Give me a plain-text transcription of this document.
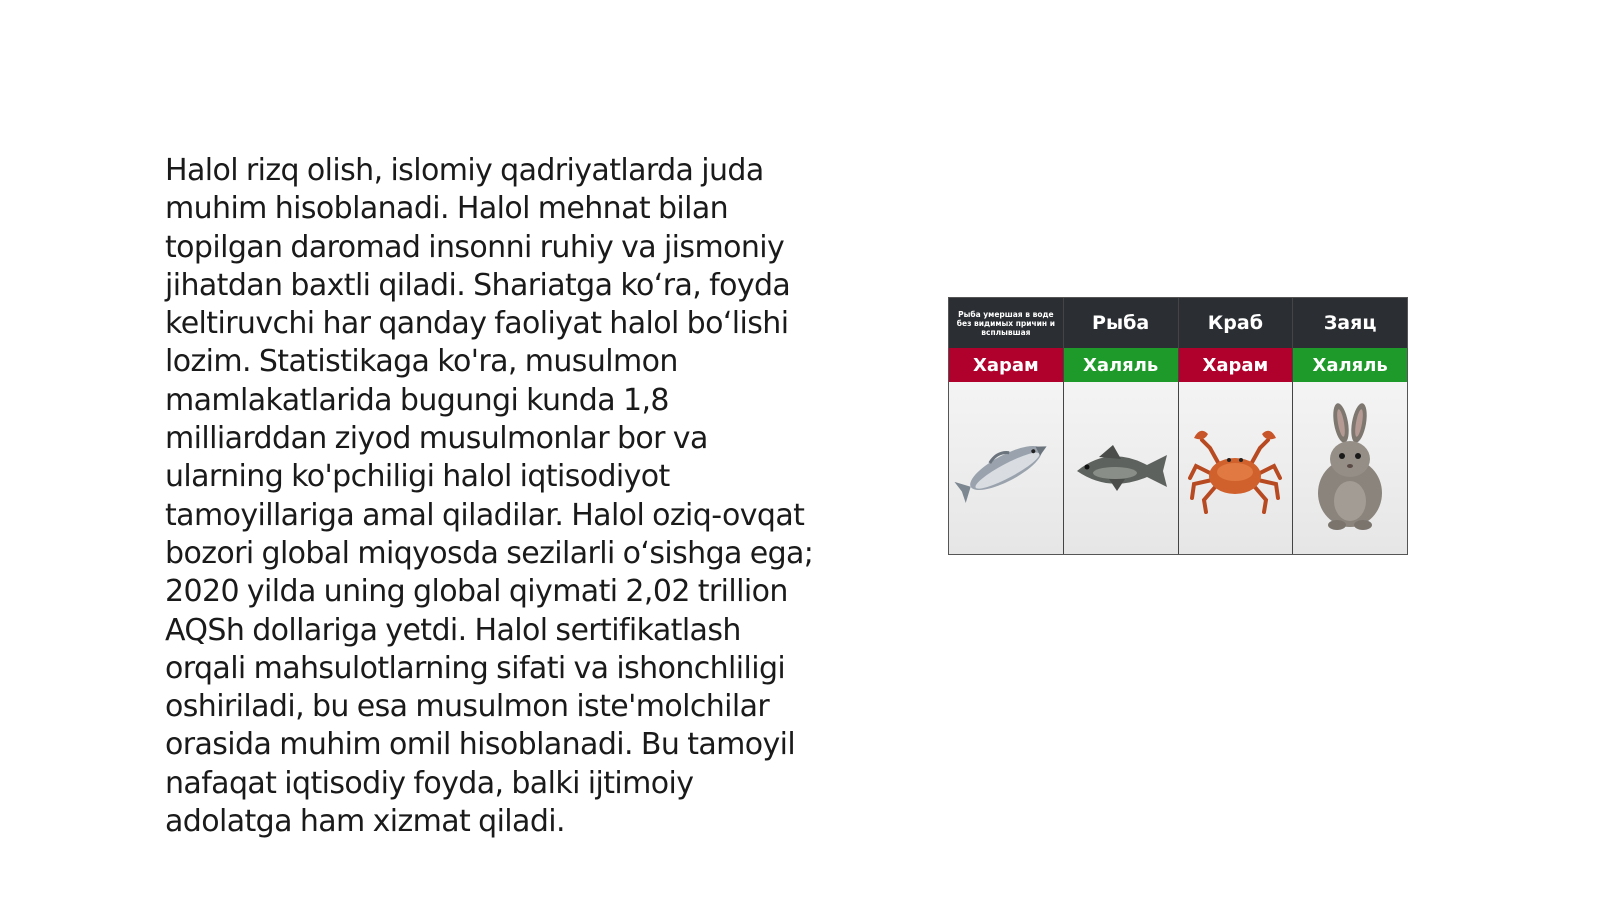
Halol rizq olish, islomiy qadriyatlarda juda
muhim hisoblanadi. Halol mehnat bilan
topilgan daromad insonni ruhiy va jismoniy
jihatdan baxtli qiladi. Shariatga koʻra, foyda
keltiruvchi har qanday faoliyat halol boʻlishi
lozim. Statistikaga ko'ra, musulmon
mamlakatlarida bugungi kunda 1,8
milliarddan ziyod musulmonlar bor va
ularning ko'pchiligi halol iqtisodiyot
tamoyillariga amal qiladilar. Halol oziq-ovqat
bozori global miqyosda sezilarli oʻsishga ega;
2020 yilda uning global qiymati 2,02 trillion
AQSh dollariga yetdi. Halol sertifikatlash
orqali mahsulotlarning sifati va ishonchliligi
oshiriladi, bu esa musulmon iste'molchilar
orasida muhim omil hisoblanadi. Bu tamoyil
nafaqat iqtisodiy foyda, balki ijtimoiy
adolatga ham xizmat qiladi.

Рыба умершая в воде без видимых причин и всплывшая
Харам
Рыба
Халяль
Краб
Харам
Заяц
Халяль
